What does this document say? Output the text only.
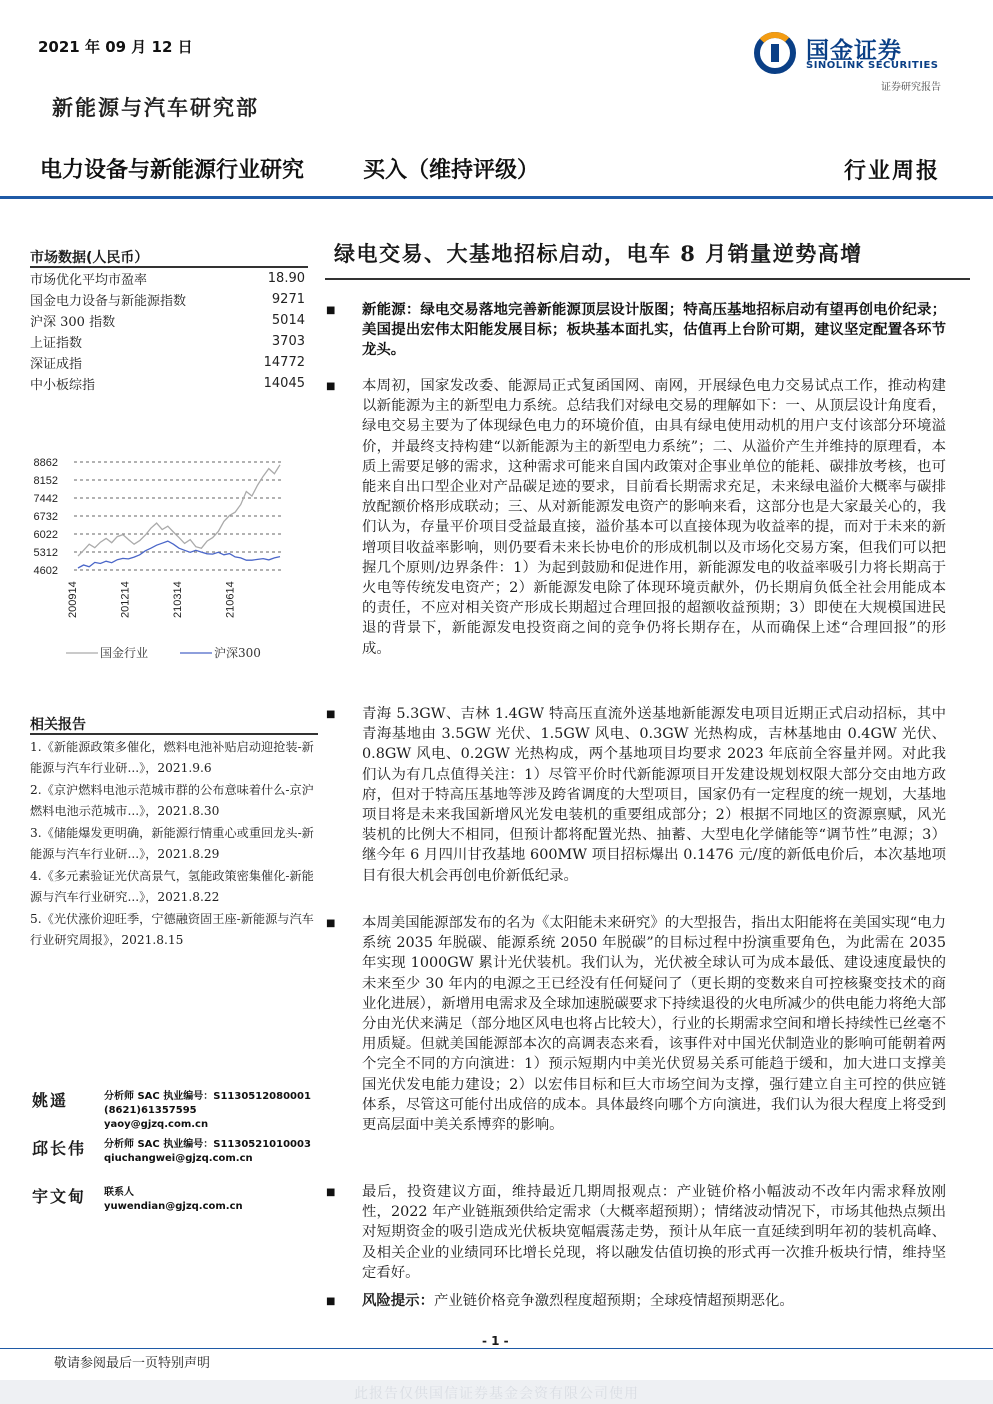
2021 年 09 月 12 日
新能源与汽车研究部
国金证券
SINOLINK SECURITIES
证券研究报告
电力设备与新能源行业研究	买入（维持评级）	行业周报
市场数据(人民币）
市场优化平均市盈率	18.90
国金电力设备与新能源指数	9271
沪深 300 指数	5014
上证指数	3703
深证成指	14772
中小板综指	14045
8862
8152
7442
6732
6022
5312
4602
200914	201214	210314	210614
国金行业	沪深300
相关报告
1.《新能源政策多催化，燃料电池补贴启动迎抢装-新能源与汽车行业研...》，2021.9.6
2.《京沪燃料电池示范城市群的公布意味着什么-京沪燃料电池示范城市...》，2021.8.30
3.《储能爆发更明确，新能源行情重心或重回龙头-新能源与汽车行业研...》，2021.8.29
4.《多元素验证光伏高景气，氢能政策密集催化-新能源与汽车行业研究...》，2021.8.22
5.《光伏涨价迎旺季，宁德融资固王座-新能源与汽车行业研究周报》，2021.8.15
姚遥	分析师 SAC 执业编号：S1130512080001
(8621)61357595
yaoy@gjzq.com.cn
邱长伟 分析师 SAC 执业编号：S1130521010003
qiuchangwei@gjzq.com.cn
宇文甸 联系人
yuwendian@gjzq.com.cn
绿电交易、大基地招标启动，电车 8 月销量逆势高增
■ 新能源：绿电交易落地完善新能源顶层设计版图；特高压基地招标启动有望再创电价纪录；美国提出宏伟太阳能发展目标；板块基本面扎实，估值再上台阶可期，建议坚定配置各环节龙头。
■ 本周初，国家发改委、能源局正式复函国网、南网，开展绿色电力交易试点工作，推动构建以新能源为主的新型电力系统。总结我们对绿电交易的理解如下：一、从顶层设计角度看，绿电交易主要为了体现绿色电力的环境价值，由具有绿电使用动机的用户支付该部分环境溢价，并最终支持构建“以新能源为主的新型电力系统”；二、从溢价产生并维持的原理看，本质上需要足够的需求，这种需求可能来自国内政策对企事业单位的能耗、碳排放考核，也可能来自出口型企业对产品碳足迹的要求，目前看长期需求充足，未来绿电溢价大概率与碳排放配额价格形成联动；三、从对新能源发电资产的影响来看，这部分也是大家最关心的，我们认为，存量平价项目受益最直接，溢价基本可以直接体现为收益率的提，而对于未来的新增项目收益率影响，则仍要看未来长协电价的形成机制以及市场化交易方案，但我们可以把握几个原则/边界条件：1）为起到鼓励和促进作用，新能源发电的收益率吸引力将长期高于火电等传统发电资产；2）新能源发电除了体现环境贡献外，仍长期肩负低全社会用能成本的责任，不应对相关资产形成长期超过合理回报的超额收益预期；3）即使在大规模国进民退的背景下，新能源发电投资商之间的竞争仍将长期存在，从而确保上述“合理回报”的形成。
■ 青海 5.3GW、吉林 1.4GW 特高压直流外送基地新能源发电项目近期正式启动招标，其中青海基地由 3.5GW 光伏、1.5GW 风电、0.3GW 光热构成，吉林基地由 0.4GW 光伏、0.8GW 风电、0.2GW 光热构成，两个基地项目均要求 2023 年底前全容量并网。对此我们认为有几点值得关注：1）尽管平价时代新能源项目开发建设规划权限大部分交由地方政府，但对于特高压基地等涉及跨省调度的大型项目，国家仍有一定程度的统一规划，大基地项目将是未来我国新增风光发电装机的重要组成部分；2）根据不同地区的资源禀赋，风光装机的比例大不相同，但预计都将配置光热、抽蓄、大型电化学储能等“调节性”电源；3）继今年 6 月四川甘孜基地 600MW 项目招标爆出 0.1476 元/度的新低电价后，本次基地项目有很大机会再创电价新低纪录。
■ 本周美国能源部发布的名为《太阳能未来研究》的大型报告，指出太阳能将在美国实现“电力系统 2035 年脱碳、能源系统 2050 年脱碳”的目标过程中扮演重要角色，为此需在 2035 年实现 1000GW 累计光伏装机。我们认为，光伏被全球认可为成本最低、建设速度最快的未来至少 30 年内的电源之王已经没有任何疑问了（更长期的变数来自可控核聚变技术的商业化进展），新增用电需求及全球加速脱碳要求下持续退役的火电所减少的供电能力将绝大部分由光伏来满足（部分地区风电也将占比较大），行业的长期需求空间和增长持续性已丝毫不用质疑。但就美国能源部本次的高调表态来看，该事件对中国光伏制造业的影响可能朝着两个完全不同的方向演进：1）预示短期内中美光伏贸易关系可能趋于缓和，加大进口支撑美国光伏发电能力建设；2）以宏伟目标和巨大市场空间为支撑，强行建立自主可控的供应链体系，尽管这可能付出成倍的成本。具体最终向哪个方向演进，我们认为很大程度上将受到更高层面中美关系博弈的影响。
■ 最后，投资建议方面，维持最近几期周报观点：产业链价格小幅波动不改年内需求释放刚性，2022 年产业链瓶颈供给定需求（大概率超预期）；情绪波动情况下，市场其他热点频出对短期资金的吸引造成光伏板块宽幅震荡走势，预计从年底一直延续到明年初的装机高峰、及相关企业的业绩同环比增长兑现，将以融发估值切换的形式再一次推升板块行情，维持坚定看好。
■ 风险提示：产业链价格竞争激烈程度超预期；全球疫情超预期恶化。
- 1 -
敬请参阅最后一页特别声明
此报告仅供国信证券基金会资有限公司使用
